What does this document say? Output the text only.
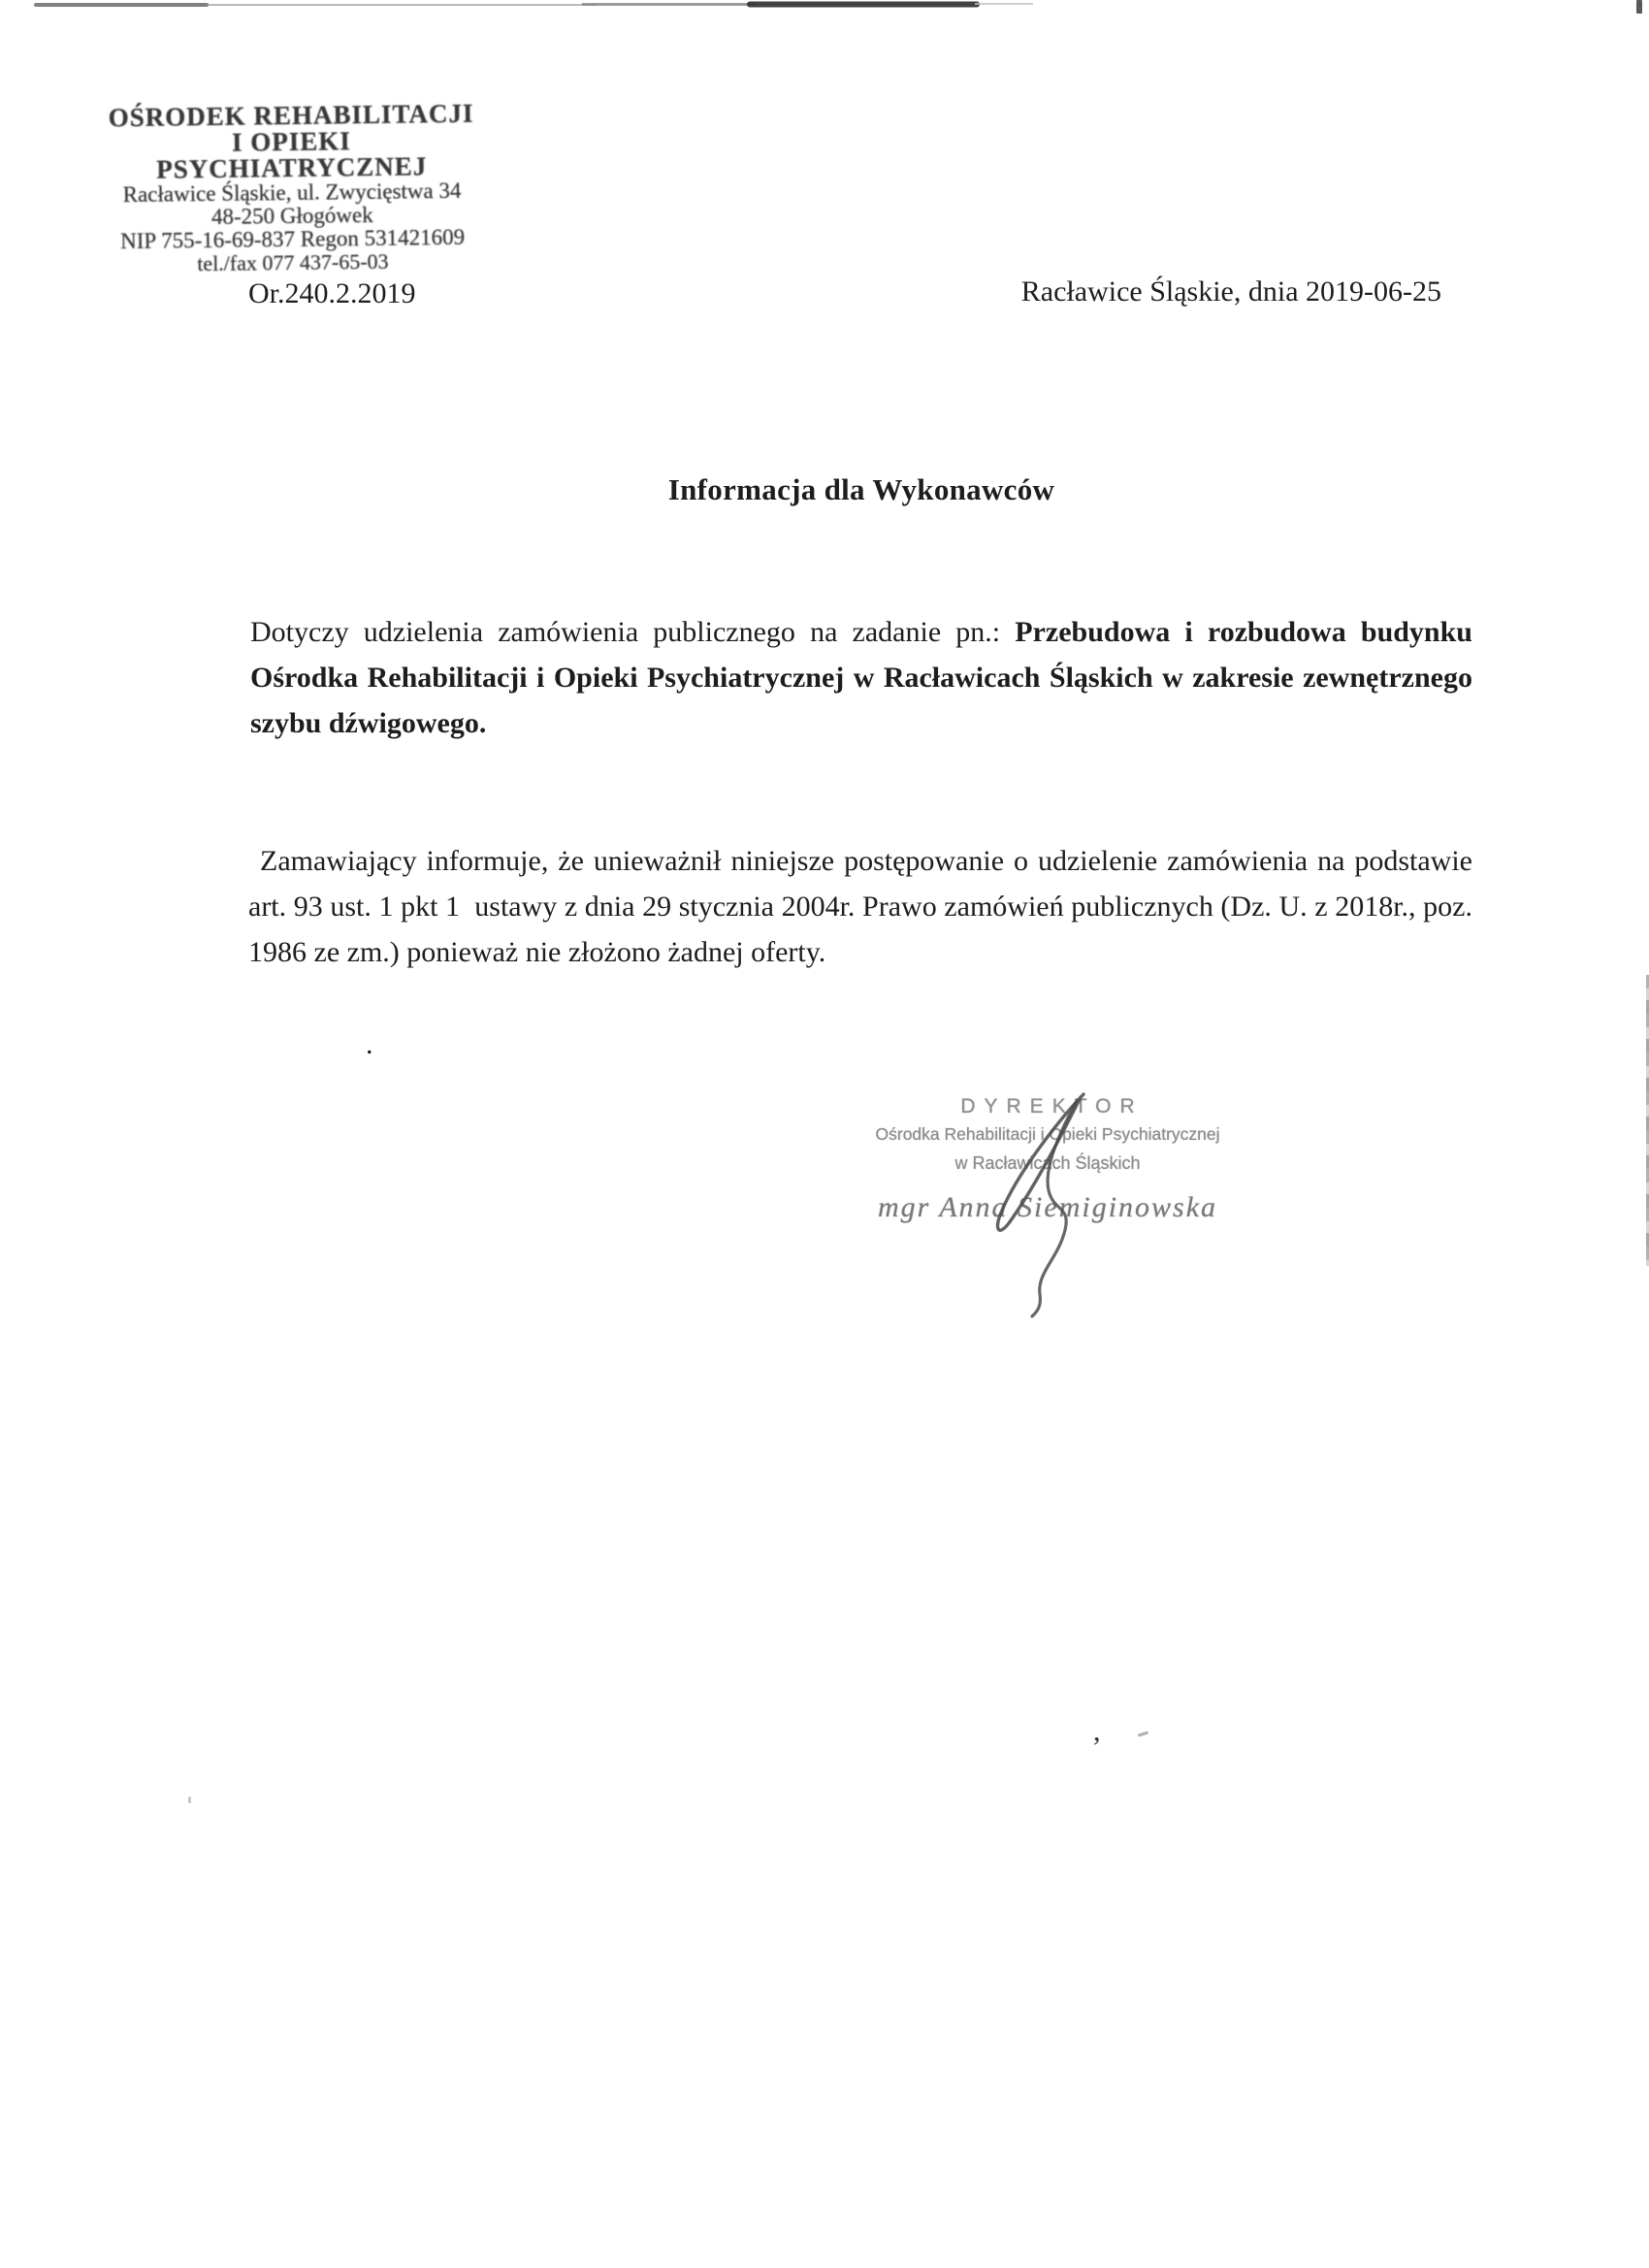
OŚRODEK REHABILITACJI
I OPIEKI PSYCHIATRYCZNEJ
Racławice Śląskie, ul. Zwycięstwa 34
48-250 Głogówek
NIP 755-16-69-837 Regon 531421609
tel./fax 077 437-65-03
Or.240.2.2019	Racławice Śląskie, dnia 2019-06-25
Informacja dla Wykonawców
Dotyczy udzielenia zamówienia publicznego na zadanie pn.: Przebudowa i rozbudowa budynku Ośrodka Rehabilitacji i Opieki Psychiatrycznej w Racławicach Śląskich w zakresie zewnętrznego szybu dźwigowego.
Zamawiający informuje, że unieważnił niniejsze postępowanie o udzielenie zamówienia na podstawie art. 93 ust. 1 pkt 1  ustawy z dnia 29 stycznia 2004r. Prawo zamówień publicznych (Dz. U. z 2018r., poz. 1986 ze zm.) ponieważ nie złożono żadnej oferty.
.
DYREKTOR
Ośrodka Rehabilitacji i Opieki Psychiatrycznej
w Racławicach Śląskich
mgr Anna Siemiginowska
,
